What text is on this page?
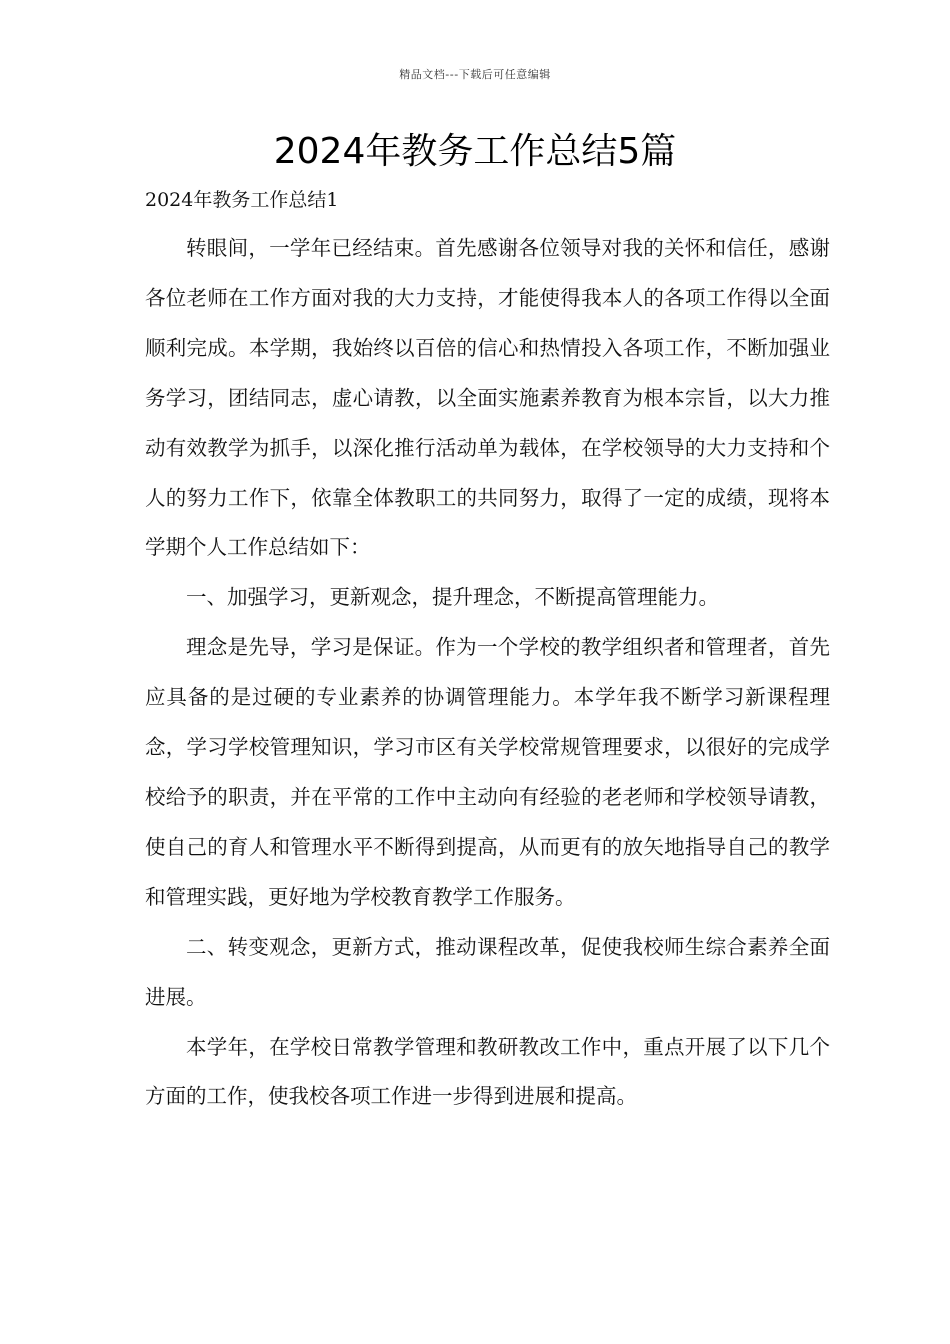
精品文档---下载后可任意编辑
2024年教务工作总结5篇
2024年教务工作总结1

转眼间，一学年已经结束。首先感谢各位领导对我的关怀和信任，感谢各位老师在工作方面对我的大力支持，才能使得我本人的各项工作得以全面顺利完成。本学期，我始终以百倍的信心和热情投入各项工作，不断加强业务学习，团结同志，虚心请教，以全面实施素养教育为根本宗旨，以大力推动有效教学为抓手，以深化推行活动单为载体，在学校领导的大力支持和个人的努力工作下，依靠全体教职工的共同努力，取得了一定的成绩，现将本学期个人工作总结如下：

一、加强学习，更新观念，提升理念，不断提高管理能力。

理念是先导，学习是保证。作为一个学校的教学组织者和管理者，首先应具备的是过硬的专业素养的协调管理能力。本学年我不断学习新课程理念，学习学校管理知识，学习市区有关学校常规管理要求，以很好的完成学校给予的职责，并在平常的工作中主动向有经验的老老师和学校领导请教，使自己的育人和管理水平不断得到提高，从而更有的放矢地指导自己的教学和管理实践，更好地为学校教育教学工作服务。

二、转变观念，更新方式，推动课程改革，促使我校师生综合素养全面进展。

本学年，在学校日常教学管理和教研教改工作中，重点开展了以下几个方面的工作，使我校各项工作进一步得到进展和提高。
